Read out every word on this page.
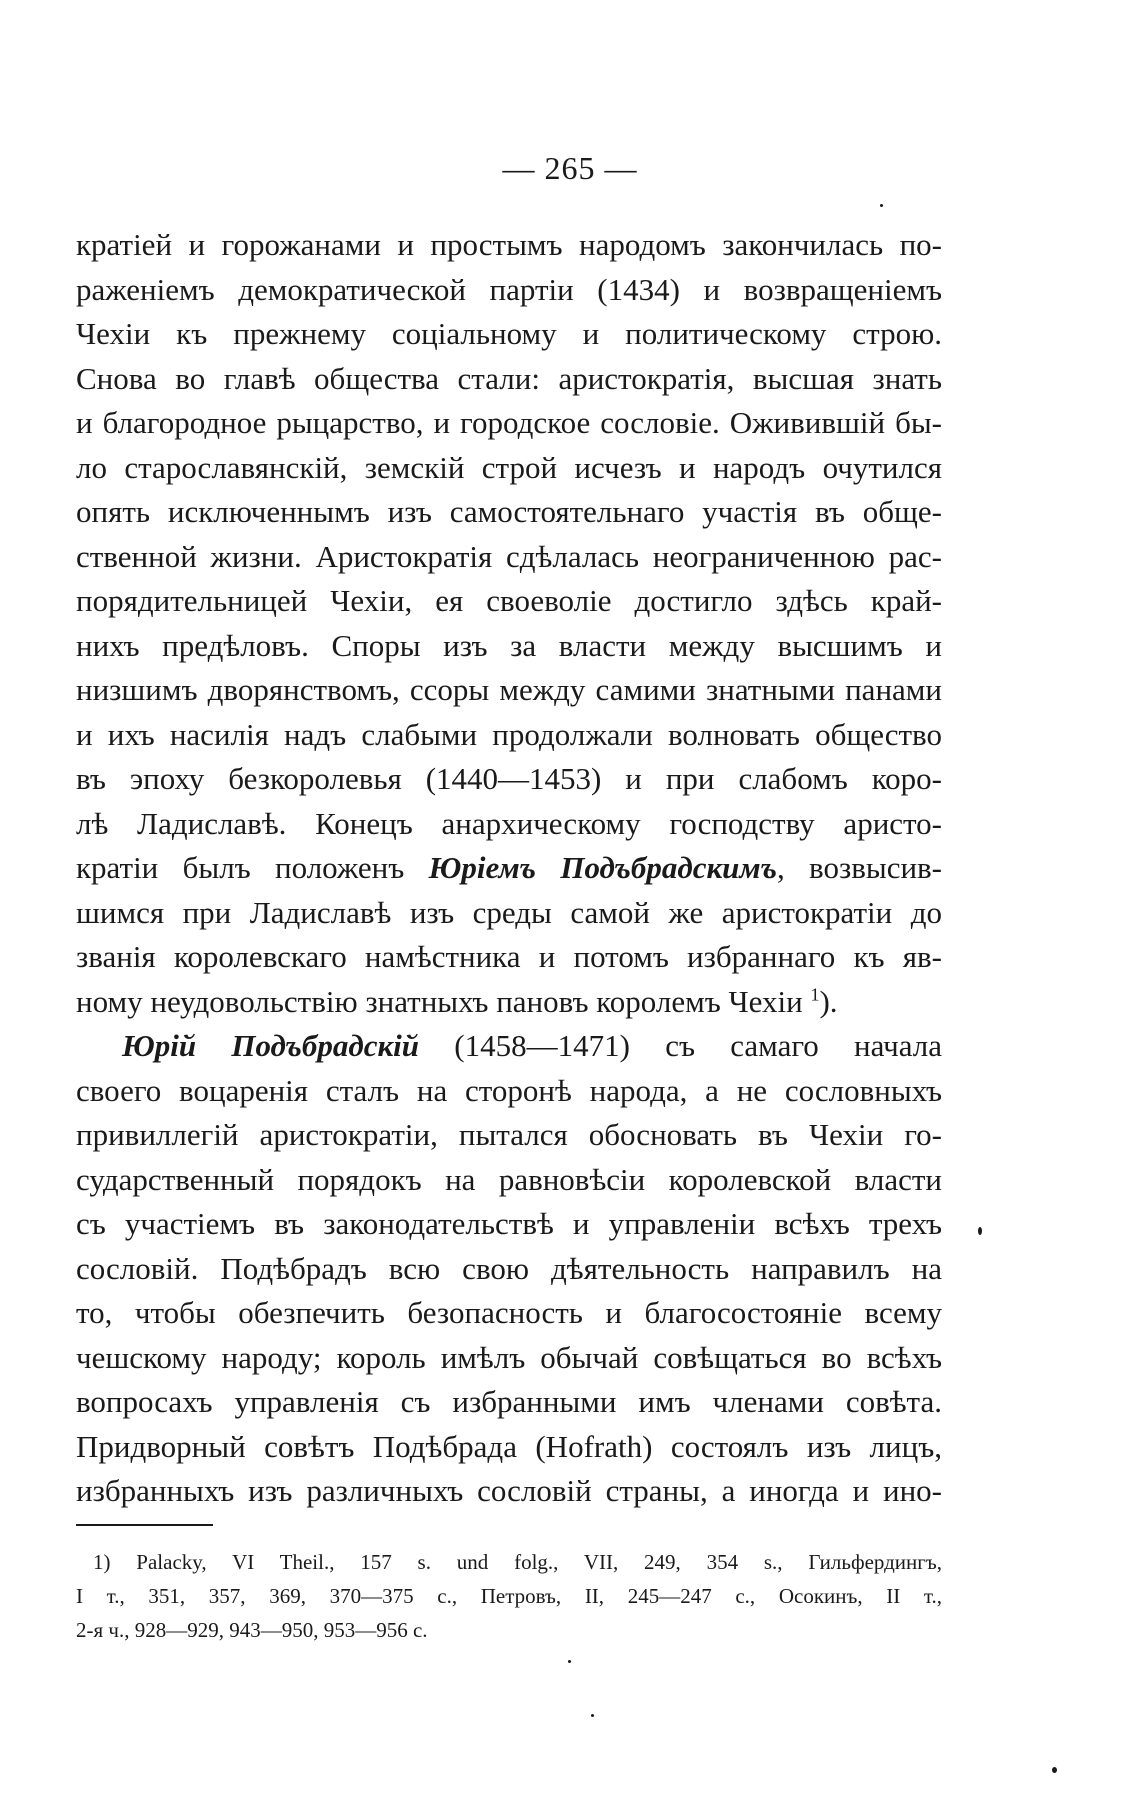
— 265 —
кратіей и горожанами и простымъ народомъ закончилась по-
раженіемъ демократической партіи (1434) и возвращеніемъ
Чехіи къ прежнему соціальному и политическому строю.
Снова во главѣ общества стали: аристократія, высшая знать
и благородное рыцарство, и городское сословіе. Оживившій бы-
ло старославянскій, земскій строй исчезъ и народъ очутился
опять исключеннымъ изъ самостоятельнаго участія въ обще-
ственной жизни. Аристократія сдѣлалась неограниченною рас-
порядительницей Чехіи, ея своеволіе достигло здѣсь край-
нихъ предѣловъ. Споры изъ за власти между высшимъ и
низшимъ дворянствомъ, ссоры между самими знатными панами
и ихъ насилія надъ слабыми продолжали волновать общество
въ эпоху безкоролевья (1440—1453) и при слабомъ коро-
лѣ Ладиславѣ. Конецъ анархическому господству аристо-
кратіи былъ положенъ Юріемъ Подъбрадскимъ, возвысив-
шимся при Ладиславѣ изъ среды самой же аристократіи до
званія королевскаго намѣстника и потомъ избраннаго къ яв-
ному неудовольствію знатныхъ пановъ королемъ Чехіи $^1$).
Юрій Подъбрадскій (1458—1471) съ самаго начала
своего воцаренія сталъ на сторонѣ народа, а не сословныхъ
привиллегій аристократіи, пытался обосновать въ Чехіи го-
сударственный порядокъ на равновѣсіи королевской власти
съ участіемъ въ законодательствѣ и управленіи всѣхъ трехъ
сословій. Подѣбрадъ всю свою дѣятельность направилъ на
то, чтобы обезпечить безопасность и благосостояніе всему
чешскому народу; король имѣлъ обычай совѣщаться во всѣхъ
вопросахъ управленія съ избранными имъ членами совѣта.
Придворный совѣтъ Подѣбрада (Hofrath) состоялъ изъ лицъ,
избранныхъ изъ различныхъ сословій страны, а иногда и ино-
1) Palacky, VI Theil., 157 s. und folg., VII, 249, 354 s., Гильфердингъ,
I т., 351, 357, 369, 370—375 с., Петровъ, II, 245—247 с., Осокинъ, II т.,
2-я ч., 928—929, 943—950, 953—956 с.
